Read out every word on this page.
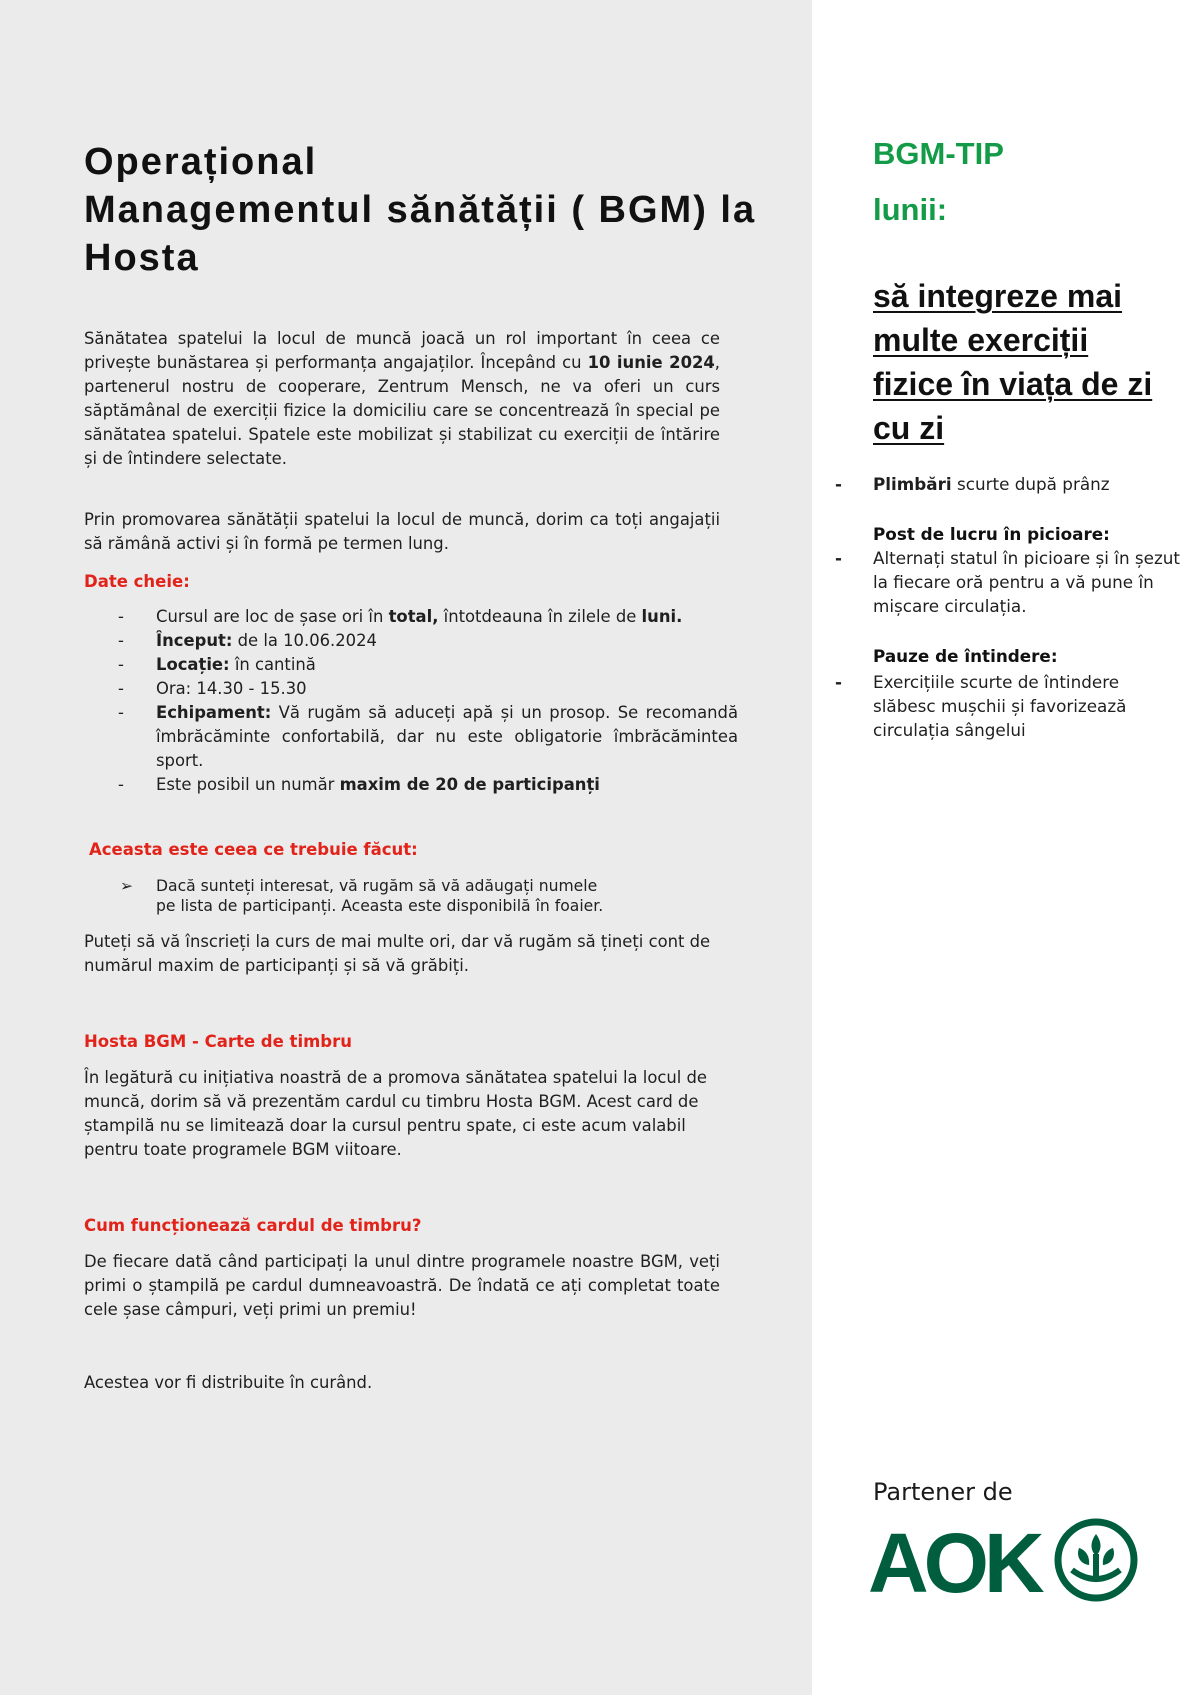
Operațional
Managementul sănătății ( BGM) la
Hosta

Sănătatea spatelui la locul de muncă joacă un rol important în ceea ce privește bunăstarea și performanța angajaților. Începând cu 10 iunie 2024, partenerul nostru de cooperare, Zentrum Mensch, ne va oferi un curs săptămânal de exerciții fizice la domiciliu care se concentrează în special pe sănătatea spatelui. Spatele este mobilizat și stabilizat cu exerciții de întărire și de întindere selectate.

Prin promovarea sănătății spatelui la locul de muncă, dorim ca toți angajații să rămână activi și în formă pe termen lung.

Date cheie:

- Cursul are loc de șase ori în total, întotdeauna în zilele de luni.
- Început: de la 10.06.2024
- Locație: în cantină
- Ora: 14.30 - 15.30
- Echipament: Vă rugăm să aduceți apă și un prosop. Se recomandă îmbrăcăminte confortabilă, dar nu este obligatorie îmbrăcămintea sport.
- Este posibil un număr maxim de 20 de participanți

Aceasta este ceea ce trebuie făcut:

➢	Dacă sunteți interesat, vă rugăm să vă adăugați numele
pe lista de participanți. Aceasta este disponibilă în foaier.

Puteți să vă înscrieți la curs de mai multe ori, dar vă rugăm să țineți cont de numărul maxim de participanți și să vă grăbiți.

Hosta BGM - Carte de timbru

În legătură cu inițiativa noastră de a promova sănătatea spatelui la locul de muncă, dorim să vă prezentăm cardul cu timbru Hosta BGM. Acest card de ștampilă nu se limitează doar la cursul pentru spate, ci este acum valabil pentru toate programele BGM viitoare.

Cum funcționează cardul de timbru?

De fiecare dată când participați la unul dintre programele noastre BGM, veți primi o ștampilă pe cardul dumneavoastră. De îndată ce ați completat toate cele șase câmpuri, veți primi un premiu!

Acestea vor fi distribuite în curând.

BGM-TIP

lunii:

să integreze mai multe exerciții fizice în viața de zi cu zi

- Plimbări scurte după prânz

Post de lucru în picioare:

- Alternați statul în picioare și în șezut la fiecare oră pentru a vă pune în mișcare circulația.

Pauze de întindere:

- Exercițiile scurte de întindere slăbesc mușchii și favorizează circulația sângelui

Partener de

AOK
